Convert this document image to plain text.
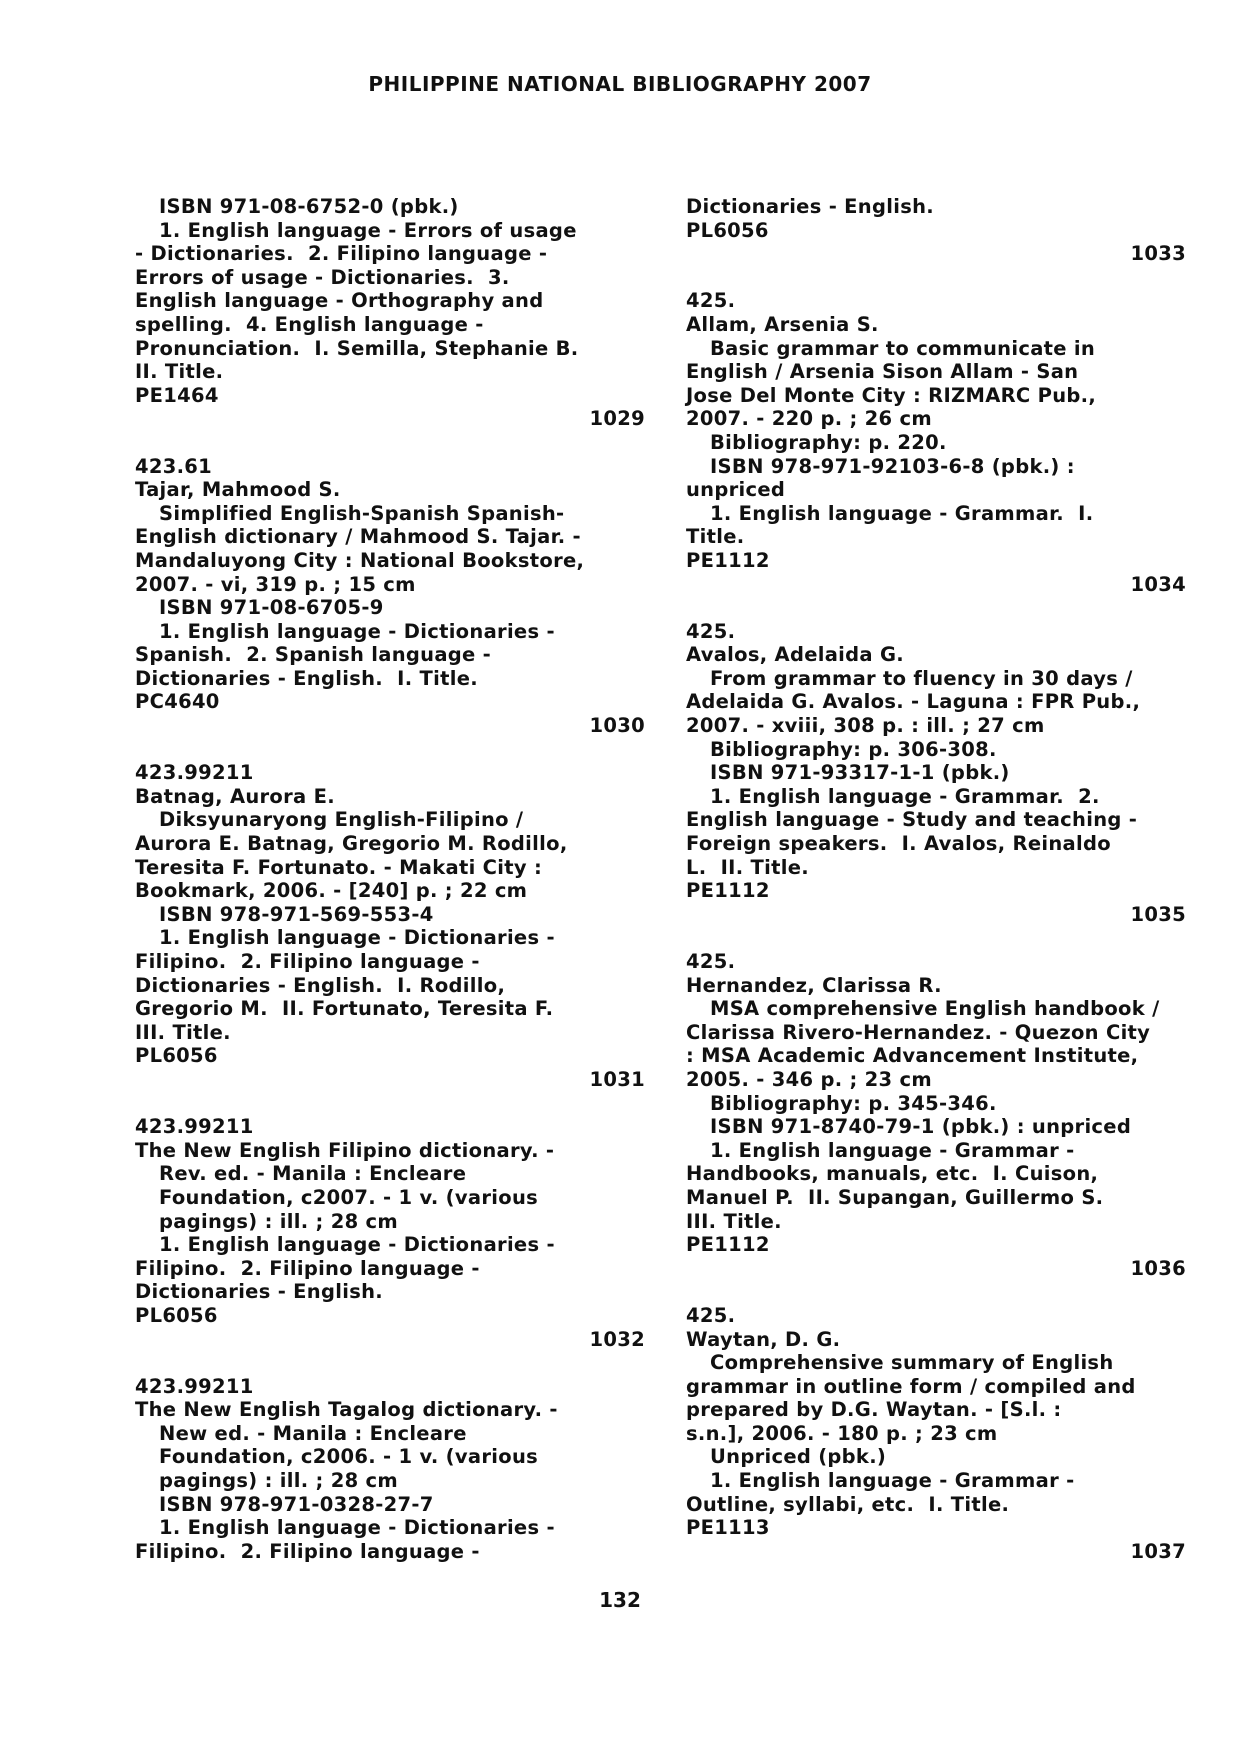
PHILIPPINE NATIONAL BIBLIOGRAPHY 2007
ISBN 971-08-6752-0 (pbk.)
1. English language - Errors of usage
- Dictionaries.  2. Filipino language -
Errors of usage - Dictionaries.  3.
English language - Orthography and
spelling.  4. English language -
Pronunciation.  I. Semilla, Stephanie B.
II. Title.
PE1464
1029
423.61
Tajar, Mahmood S.
Simplified English-Spanish Spanish-
English dictionary / Mahmood S. Tajar. -
Mandaluyong City : National Bookstore,
2007. - vi, 319 p. ; 15 cm
ISBN 971-08-6705-9
1. English language - Dictionaries -
Spanish.  2. Spanish language -
Dictionaries - English.  I. Title.
PC4640
1030
423.99211
Batnag, Aurora E.
Diksyunaryong English-Filipino /
Aurora E. Batnag, Gregorio M. Rodillo,
Teresita F. Fortunato. - Makati City :
Bookmark, 2006. - [240] p. ; 22 cm
ISBN 978-971-569-553-4
1. English language - Dictionaries -
Filipino.  2. Filipino language -
Dictionaries - English.  I. Rodillo,
Gregorio M.  II. Fortunato, Teresita F.
III. Title.
PL6056
1031
423.99211
The New English Filipino dictionary. -
Rev. ed. - Manila : Encleare
Foundation, c2007. - 1 v. (various
pagings) : ill. ; 28 cm
1. English language - Dictionaries -
Filipino.  2. Filipino language -
Dictionaries - English.
PL6056
1032
423.99211
The New English Tagalog dictionary. -
New ed. - Manila : Encleare
Foundation, c2006. - 1 v. (various
pagings) : ill. ; 28 cm
ISBN 978-971-0328-27-7
1. English language - Dictionaries -
Filipino.  2. Filipino language -
Dictionaries - English.
PL6056
1033
425.
Allam, Arsenia S.
Basic grammar to communicate in
English / Arsenia Sison Allam - San
Jose Del Monte City : RIZMARC Pub.,
2007. - 220 p. ; 26 cm
Bibliography: p. 220.
ISBN 978-971-92103-6-8 (pbk.) :
unpriced
1. English language - Grammar.  I.
Title.
PE1112
1034
425.
Avalos, Adelaida G.
From grammar to fluency in 30 days /
Adelaida G. Avalos. - Laguna : FPR Pub.,
2007. - xviii, 308 p. : ill. ; 27 cm
Bibliography: p. 306-308.
ISBN 971-93317-1-1 (pbk.)
1. English language - Grammar.  2.
English language - Study and teaching -
Foreign speakers.  I. Avalos, Reinaldo
L.  II. Title.
PE1112
1035
425.
Hernandez, Clarissa R.
MSA comprehensive English handbook /
Clarissa Rivero-Hernandez. - Quezon City
: MSA Academic Advancement Institute,
2005. - 346 p. ; 23 cm
Bibliography: p. 345-346.
ISBN 971-8740-79-1 (pbk.) : unpriced
1. English language - Grammar -
Handbooks, manuals, etc.  I. Cuison,
Manuel P.  II. Supangan, Guillermo S.
III. Title.
PE1112
1036
425.
Waytan, D. G.
Comprehensive summary of English
grammar in outline form / compiled and
prepared by D.G. Waytan. - [S.l. :
s.n.], 2006. - 180 p. ; 23 cm
Unpriced (pbk.)
1. English language - Grammar -
Outline, syllabi, etc.  I. Title.
PE1113
1037
132
